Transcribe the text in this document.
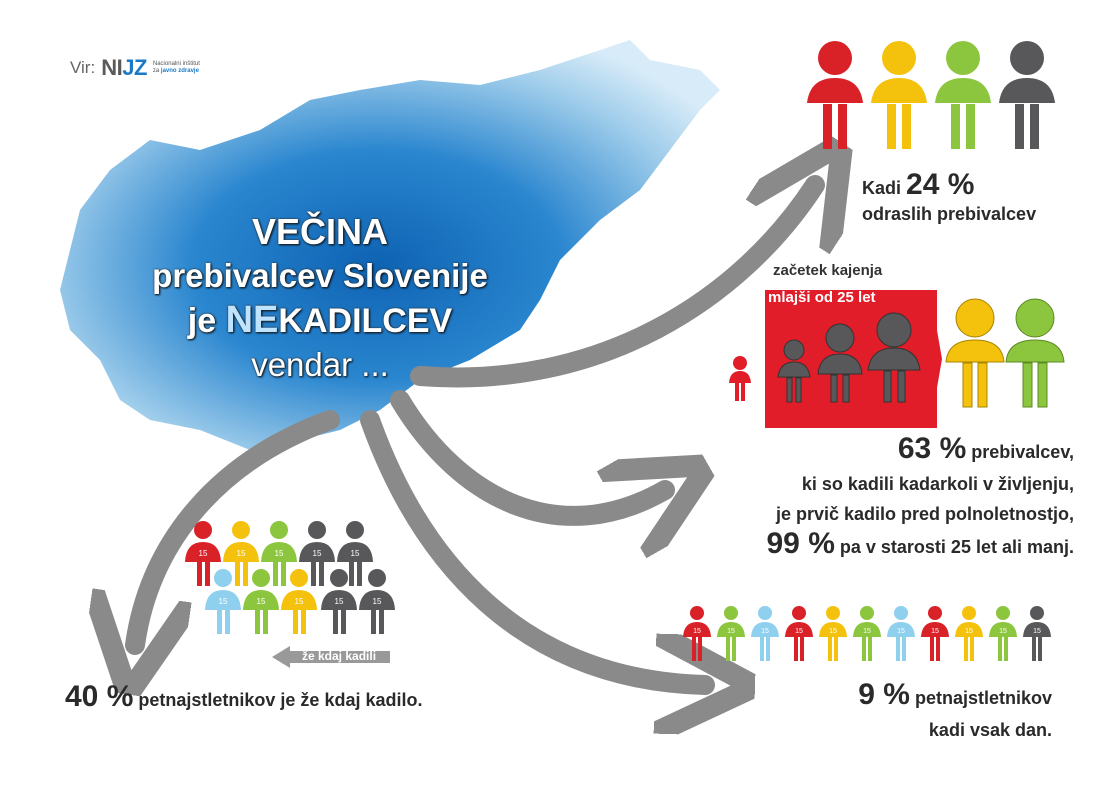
Vir: NIJZ Nacionalni inštitut
za javno zdravje
VEČINA
prebivalcev Slovenije
je NEKADILCEV
vendar ...
Kadi 24 %
odraslih prebivalcev
začetek kajenja
mlajši od 25 let
63 % prebivalcev,
ki so kadili kadarkoli v življenju,
je prvič kadilo pred polnoletnostjo,
99 % pa v starosti 25 let ali manj.
15	15	15	15	15
15	15	15	15	15
že kdaj kadili
40 % petnajstletnikov je že kdaj kadilo.
15	15	15	15	15	15	15	15	15	15	15
9 % petnajstletnikov
kadi vsak dan.
